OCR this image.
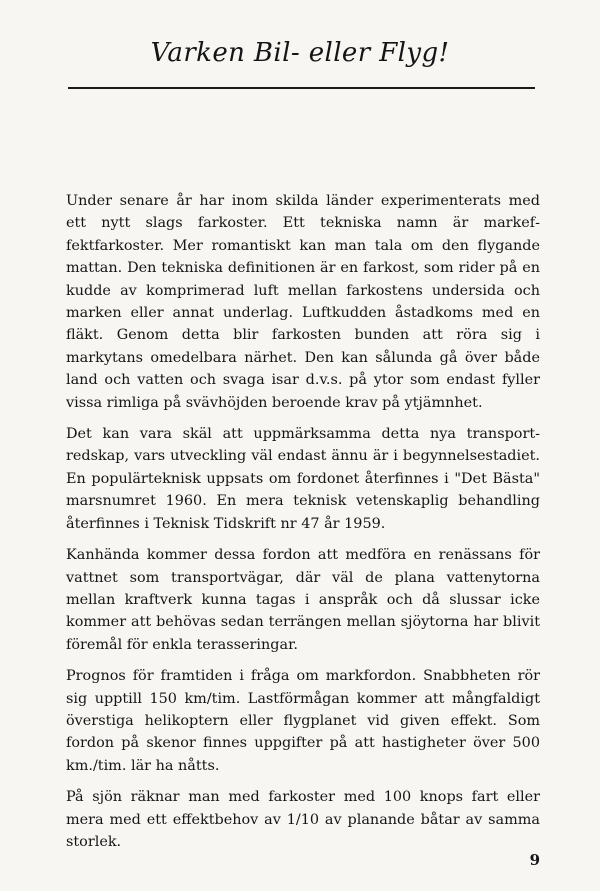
Varken Bil- eller Flyg!

Under senare år har inom skilda länder experimenterats med ett nytt slags farkoster. Ett tekniska namn är markeffektfarkoster. Mer romantiskt kan man tala om den flygande mattan. Den tekniska definitionen är en farkost, som rider på en kudde av komprimerad luft mellan farkostens undersida och marken eller annat underlag. Luftkudden åstadkoms med en fläkt. Genom detta blir farkosten bunden att röra sig i markytans omedelbara närhet. Den kan sålunda gå över både land och vatten och svaga isar d.v.s. på ytor som endast fyller vissa rimliga på svävhöjden beroende krav på ytjämnhet.

Det kan vara skäl att uppmärksamma detta nya transportredskap, vars utveckling väl endast ännu är i begynnelsestadiet. En populärteknisk uppsats om fordonet återfinnes i "Det Bästa" marsnumret 1960. En mera teknisk vetenskaplig behandling återfinnes i Teknisk Tidskrift nr 47 år 1959.

Kanhända kommer dessa fordon att medföra en renässans för vattnet som transportvägar, där väl de plana vattenytorna mellan kraftverk kunna tagas i anspråk och då slussar icke kommer att behövas sedan terrängen mellan sjöytorna har blivit föremål för enkla terasseringar.

Prognos för framtiden i fråga om markfordon. Snabbheten rör sig upptill 150 km/tim. Lastförmågan kommer att mångfaldigt överstiga helikoptern eller flygplanet vid given effekt. Som fordon på skenor finnes uppgifter på att hastigheter över 500 km./tim. lär ha nåtts.

På sjön räknar man med farkoster med 100 knops fart eller mera med ett effektbehov av 1/10 av planande båtar av samma storlek.

9
